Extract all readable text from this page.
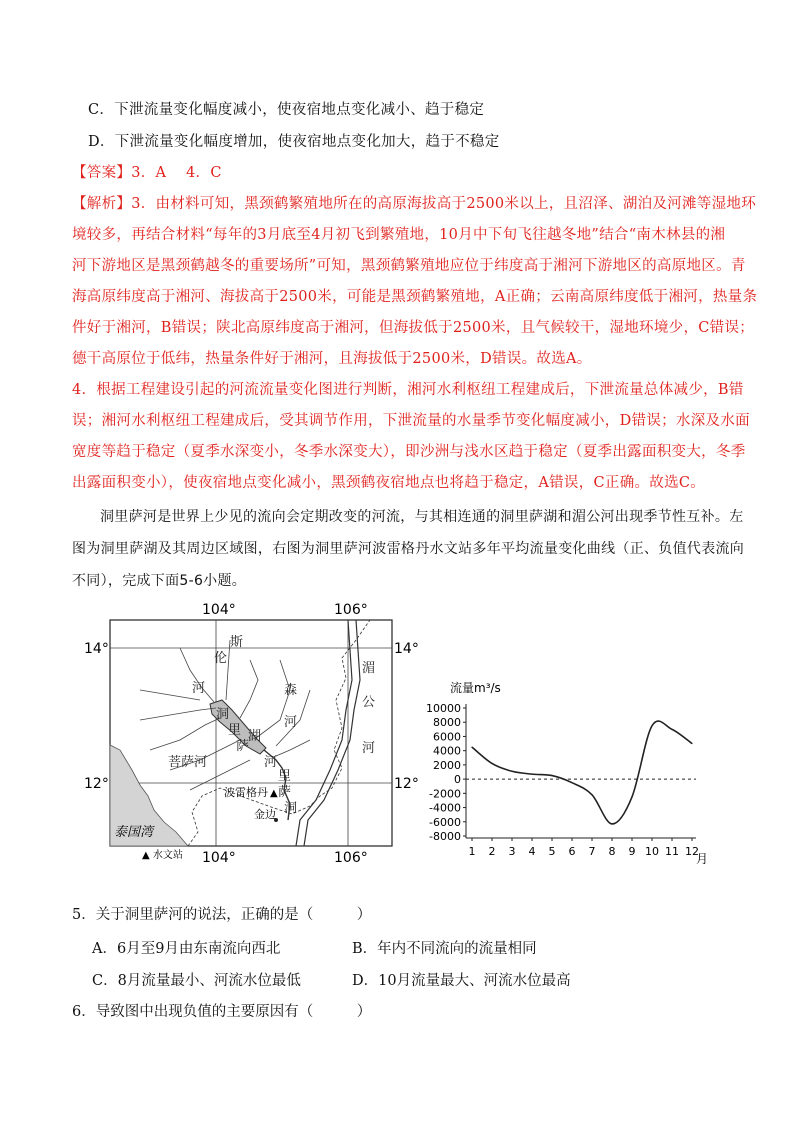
C．下泄流量变化幅度减小，使夜宿地点变化减小、趋于稳定
D．下泄流量变化幅度增加，使夜宿地点变化加大，趋于不稳定
【答案】3．A　 4．C
【解析】3．由材料可知，黑颈鹤繁殖地所在的高原海拔高于2500米以上，且沼泽、湖泊及河滩等湿地环
境较多，再结合材料“每年的3月底至4月初飞到繁殖地，10月中下旬飞往越冬地”结合“南木林县的湘
河下游地区是黑颈鹤越冬的重要场所”可知，黑颈鹤繁殖地应位于纬度高于湘河下游地区的高原地区。青
海高原纬度高于湘河、海拔高于2500米，可能是黑颈鹤繁殖地，A正确；云南高原纬度低于湘河，热量条
件好于湘河，B错误；陕北高原纬度高于湘河，但海拔低于2500米，且气候较干，湿地环境少，C错误；
德干高原位于低纬，热量条件好于湘河，且海拔低于2500米，D错误。故选A。
4．根据工程建设引起的河流流量变化图进行判断，湘河水利枢纽工程建成后，下泄流量总体减少，B错
误；湘河水利枢纽工程建成后，受其调节作用，下泄流量的水量季节变化幅度减小，D错误；水深及水面
宽度等趋于稳定（夏季水深变小，冬季水深变大），即沙洲与浅水区趋于稳定（夏季出露面积变大，冬季
出露面积变小），使夜宿地点变化减小，黑颈鹤夜宿地点也将趋于稳定，A错误，C正确。故选C。
洞里萨河是世界上少见的流向会定期改变的河流，与其相连通的洞里萨湖和湄公河出现季节性互补。左
图为洞里萨湖及其周边区域图，右图为洞里萨河波雷格丹水文站多年平均流量变化曲线（正、负值代表流向
不同），完成下面5-6小题。
104°	106°
104°	106°
14°	14°
12°	12°
斯
伦
河	森
河
洞
里
萨
湖
菩萨河	河
里
萨
洞
湄
公
河
▲
波雷格丹
金边
泰国湾
▲ 水文站
流量m³/s
月
10000
8000
6000
4000
2000
0
-2000
-4000
-6000
-8000
1 2 3 4 5 6 7 8 9 10 11 12
5．关于洞里萨河的说法，正确的是（　　　）
A．6月至9月由东南流向西北	B．年内不同流向的流量相同
C．8月流量最小、河流水位最低	D．10月流量最大、河流水位最高
6．导致图中出现负值的主要原因有（　　　）
